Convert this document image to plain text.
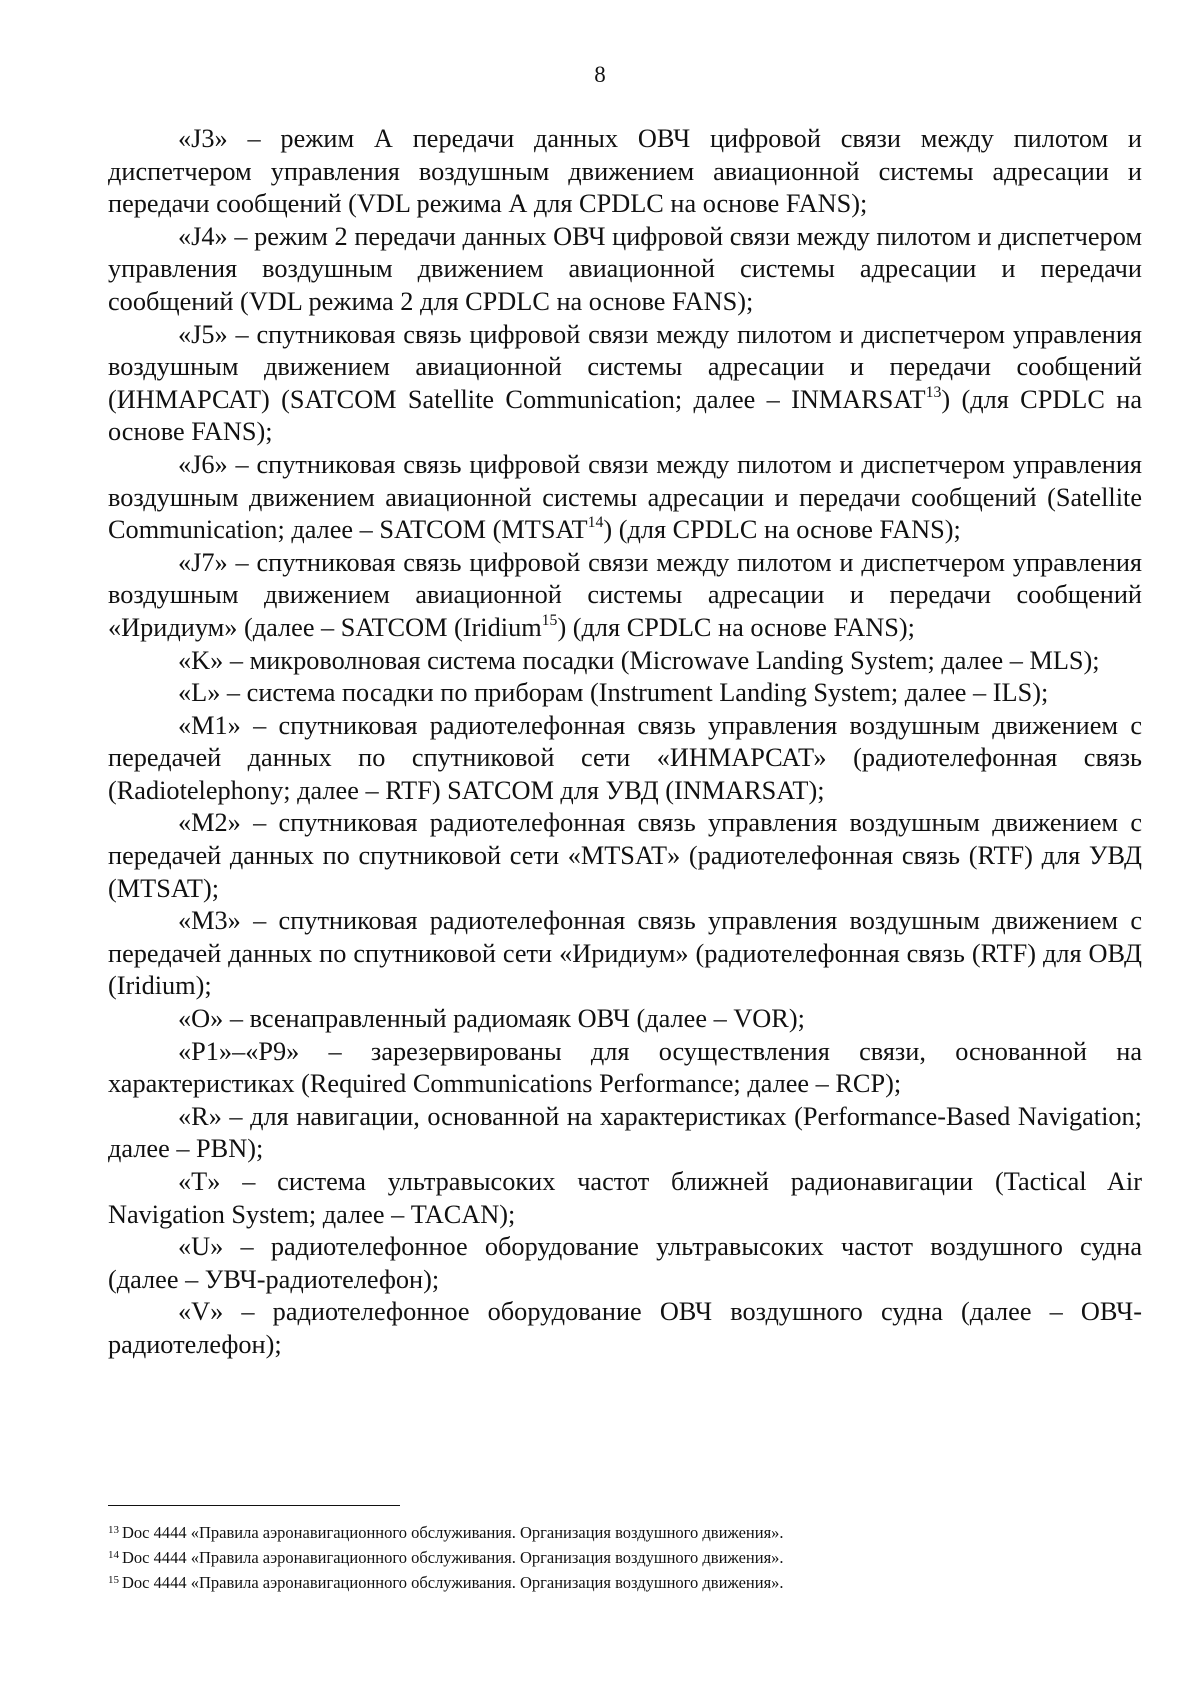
8

«J3» – режим А передачи данных ОВЧ цифровой связи между пилотом и диспетчером управления воздушным движением авиационной системы адресации и передачи сообщений (VDL режима А для CPDLC на основе FANS);

«J4» – режим 2 передачи данных ОВЧ цифровой связи между пилотом и диспетчером управления воздушным движением авиационной системы адресации и передачи сообщений (VDL режима 2 для CPDLC на основе FANS);

«J5» – спутниковая связь цифровой связи между пилотом и диспетчером управления воздушным движением авиационной системы адресации и передачи сообщений (ИНМАРСАТ) (SATCOM Satellite Communication; далее – INMARSAT$^{13}$) (для CPDLC на основе FANS);

«J6» – спутниковая связь цифровой связи между пилотом и диспетчером управления воздушным движением авиационной системы адресации и передачи сообщений (Satellite Communication; далее – SATCOM (MTSAT$^{14}$) (для CPDLC на основе FANS);

«J7» – спутниковая связь цифровой связи между пилотом и диспетчером управления воздушным движением авиационной системы адресации и передачи сообщений «Иридиум» (далее – SATCOM (Iridium$^{15}$) (для CPDLC на основе FANS);

«K» – микроволновая система посадки (Microwave Landing System; далее – MLS);

«L» – система посадки по приборам (Instrument Landing System; далее – ILS);

«M1» – спутниковая радиотелефонная связь управления воздушным движением с передачей данных по спутниковой сети «ИНМАРСАТ» (радиотелефонная связь (Radiotelephony; далее – RTF) SATCOM для УВД (INMARSAT);

«M2» – спутниковая радиотелефонная связь управления воздушным движением с передачей данных по спутниковой сети «MTSAT» (радиотелефонная связь (RTF) для УВД (MTSAT);

«M3» – спутниковая радиотелефонная связь управления воздушным движением с передачей данных по спутниковой сети «Иридиум» (радиотелефонная связь (RTF) для ОВД (Iridium);

«O» – всенаправленный радиомаяк ОВЧ (далее – VOR);

«P1»–«P9» – зарезервированы для осуществления связи, основанной на характеристиках (Required Communications Performance; далее – RCP);

«R» – для навигации, основанной на характеристиках (Performance-Based Navigation; далее – PBN);

«T» – система ультравысоких частот ближней радионавигации (Tactical Air Navigation System; далее – TACAN);

«U» – радиотелефонное оборудование ультравысоких частот воздушного судна (далее – УВЧ-радиотелефон);

«V» – радиотелефонное оборудование ОВЧ воздушного судна (далее – ОВЧ-радиотелефон);

$^{13}$ Doc 4444 «Правила аэронавигационного обслуживания. Организация воздушного движения».

$^{14}$ Doc 4444 «Правила аэронавигационного обслуживания. Организация воздушного движения».

$^{15}$ Doc 4444 «Правила аэронавигационного обслуживания. Организация воздушного движения».
